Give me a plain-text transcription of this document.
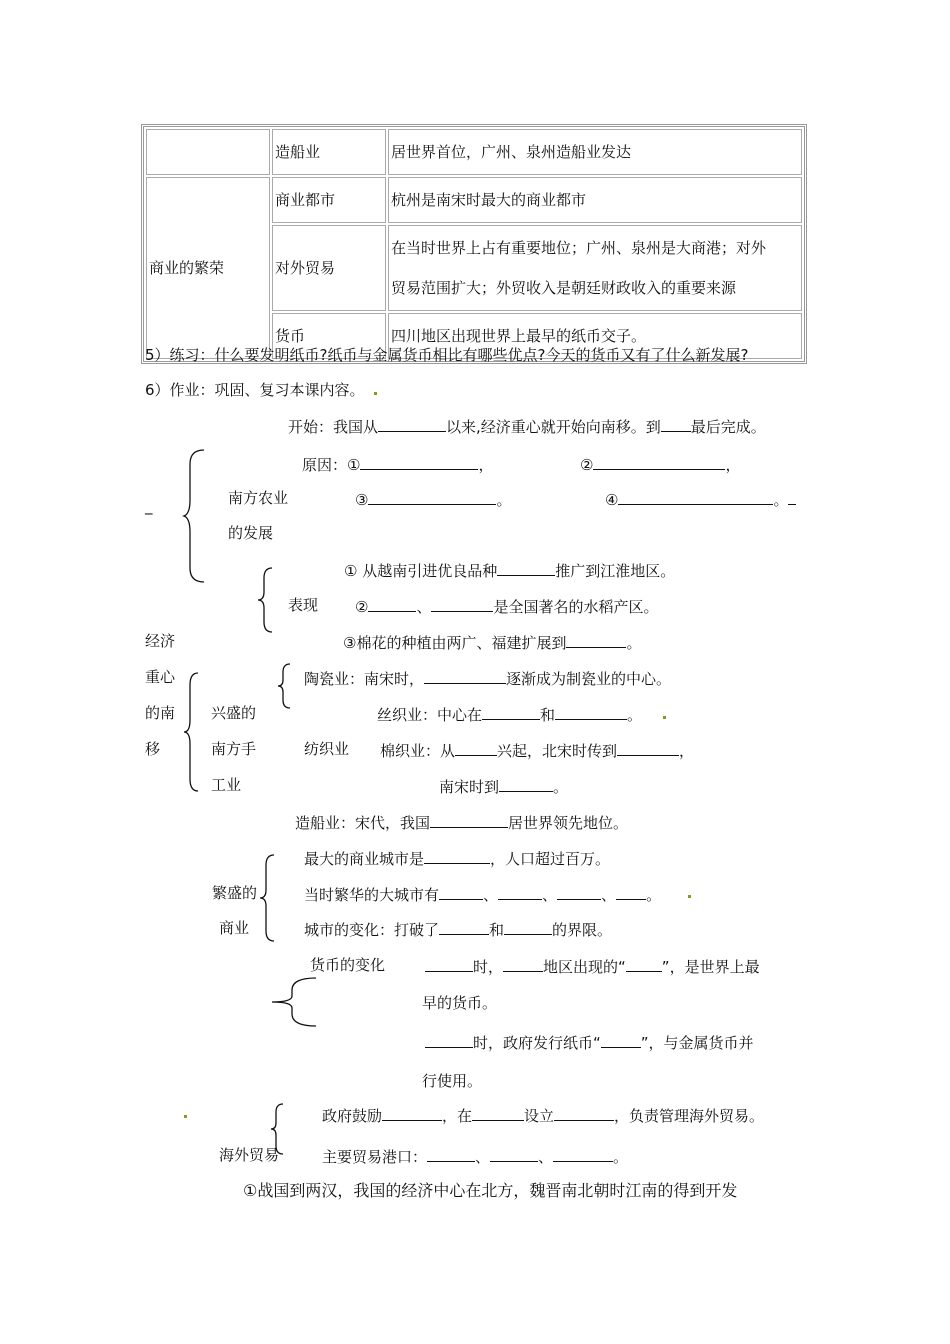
	造船业	居世界首位，广州、泉州造船业发达
商业的繁荣	商业都市	杭州是南宋时最大的商业都市
	对外贸易	在当时世界上占有重要地位；广州、泉州是大商港；对外
贸易范围扩大；外贸收入是朝廷财政收入的重要来源

	货币	四川地区出现世界上最早的纸币交子。
5）练习：什么要发明纸币?纸币与金属货币相比有哪些优点?今天的货币又有了什么新发展?
6）作业：巩固、复习本课内容。
开始：我国从	以来,经济重心就开始向南移。到 最后完成。
_
原因：①	，	②	，
南方农业
的发展
③	。	④	。
① 从越南引进优良品种	推广到江淮地区。
表现 ②	、	是全国著名的水稻产区。
③棉花的种植由两广、福建扩展到	。
经济
重心
的南
移
兴盛的
南方手
工业
陶瓷业：南宋时，	逐渐成为制瓷业的中心。
丝织业：中心在	和	。
纺织业 棉织业：从	兴起，北宋时传到	，
南宋时到	。
造船业：宋代，我国	居世界领先地位。
繁盛的
商业
最大的商业城市是	，人口超过百万。
当时繁华的大城市有	、	、	、 。
城市的变化：打破了	和	的界限。
货币的变化	时，	地区出现的“ ”，是世界上最
早的货币。
时，政府发行纸币“	”，与金属货币并
行使用。
政府鼓励	，在	设立	，负责管理海外贸易。
海外贸易	主要贸易港口：	、	、	。
①战国到两汉，我国的经济中心在北方，魏晋南北朝时江南的得到开发
